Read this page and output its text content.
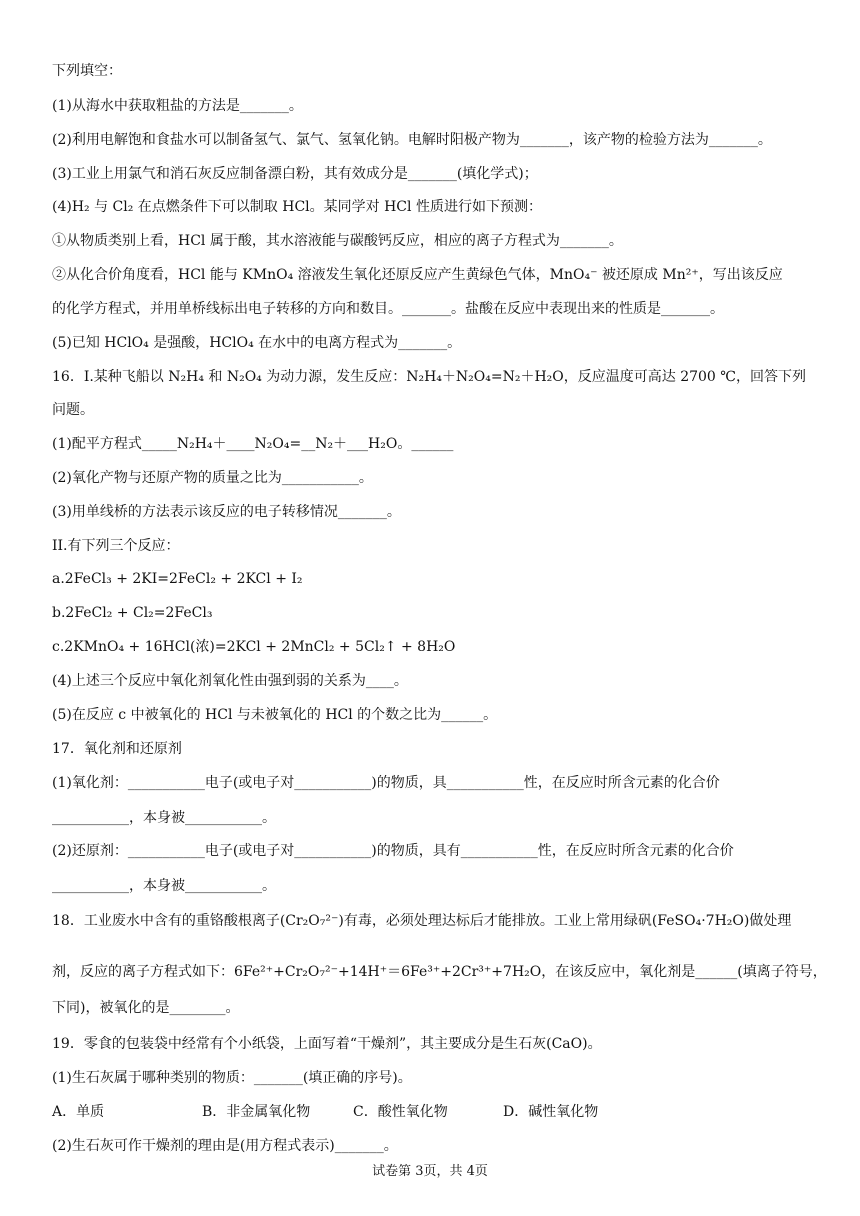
下列填空：
(1)从海水中获取粗盐的方法是_______。
(2)利用电解饱和食盐水可以制备氢气、氯气、氢氧化钠。电解时阳极产物为_______，该产物的检验方法为_______。
(3)工业上用氯气和消石灰反应制备漂白粉，其有效成分是_______(填化学式)；
(4)H₂ 与 Cl₂ 在点燃条件下可以制取 HCl。某同学对 HCl 性质进行如下预测：
①从物质类别上看，HCl 属于酸，其水溶液能与碳酸钙反应，相应的离子方程式为_______。
②从化合价角度看，HCl 能与 KMnO₄ 溶液发生氧化还原反应产生黄绿色气体，MnO₄⁻ 被还原成 Mn²⁺，写出该反应
的化学方程式，并用单桥线标出电子转移的方向和数目。_______。盐酸在反应中表现出来的性质是_______。
(5)已知 HClO₄ 是强酸，HClO₄ 在水中的电离方程式为_______。
16．I.某种飞船以 N₂H₄ 和 N₂O₄ 为动力源，发生反应：N₂H₄＋N₂O₄=N₂＋H₂O，反应温度可高达 2700 ℃，回答下列
问题。
(1)配平方程式_____N₂H₄＋____N₂O₄=__N₂＋___H₂O。______
(2)氧化产物与还原产物的质量之比为___________。
(3)用单线桥的方法表示该反应的电子转移情况_______。
II.有下列三个反应：
a.2FeCl₃ + 2KI=2FeCl₂ + 2KCl + I₂
b.2FeCl₂ + Cl₂=2FeCl₃
c.2KMnO₄ + 16HCl(浓)=2KCl + 2MnCl₂ + 5Cl₂↑ + 8H₂O
(4)上述三个反应中氧化剂氧化性由强到弱的关系为____。
(5)在反应 c 中被氧化的 HCl 与未被氧化的 HCl 的个数之比为______。
17．氧化剂和还原剂
(1)氧化剂：___________电子(或电子对___________)的物质，具___________性，在反应时所含元素的化合价
___________，本身被___________。
(2)还原剂：___________电子(或电子对___________)的物质，具有___________性，在反应时所含元素的化合价
___________，本身被___________。
18．工业废水中含有的重铬酸根离子(Cr₂O₇²⁻)有毒，必须处理达标后才能排放。工业上常用绿矾(FeSO₄·7H₂O)做处理
剂，反应的离子方程式如下：6Fe²⁺+Cr₂O₇²⁻+14H⁺＝6Fe³⁺+2Cr³⁺+7H₂O，在该反应中，氧化剂是______(填离子符号，
下同)，被氧化的是________。
19．零食的包装袋中经常有个小纸袋，上面写着“干燥剂”，其主要成分是生石灰(CaO)。
(1)生石灰属于哪种类别的物质：_______(填正确的序号)。
A．单质	B．非金属氧化物	C．酸性氧化物	D．碱性氧化物
(2)生石灰可作干燥剂的理由是(用方程式表示)_______。
试卷第 3页，共 4页
